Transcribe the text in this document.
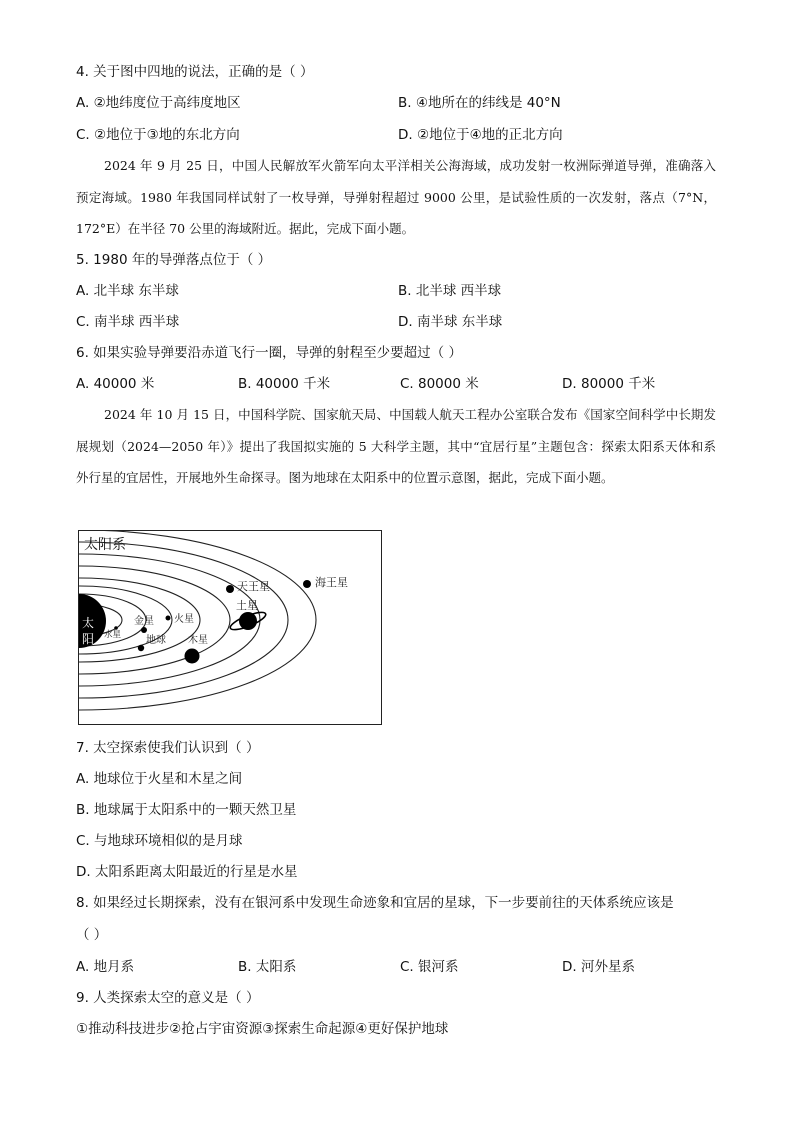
4. 关于图中四地的说法，正确的是（ ）
A. ②地纬度位于高纬度地区	B. ④地所在的纬线是 40°N
C. ②地位于③地的东北方向	D. ②地位于④地的正北方向
2024 年 9 月 25 日，中国人民解放军火箭军向太平洋相关公海海域，成功发射一枚洲际弹道导弹，准确落入预定海域。1980 年我国同样试射了一枚导弹，导弹射程超过 9000 公里，是试验性质的一次发射，落点（7°N，172°E）在半径 70 公里的海域附近。据此，完成下面小题。
5. 1980 年的导弹落点位于（ ）
A. 北半球 东半球	B. 北半球 西半球
C. 南半球 西半球	D. 南半球 东半球
6. 如果实验导弹要沿赤道飞行一圈，导弹的射程至少要超过（ ）
A. 40000 米	B. 40000 千米	C. 80000 米	D. 80000 千米
2024 年 10 月 15 日，中国科学院、国家航天局、中国载人航天工程办公室联合发布《国家空间科学中长期发展规划（2024—2050 年）》提出了我国拟实施的 5 大科学主题，其中“宜居行星”主题包含：探索太阳系天体和系外行星的宜居性，开展地外生命探寻。图为地球在太阳系中的位置示意图，据此，完成下面小题。
太
阳
太阳系
水星
金星
地球
火星
木星
土星
天王星	海王星
7. 太空探索使我们认识到（ ）
A. 地球位于火星和木星之间
B. 地球属于太阳系中的一颗天然卫星
C. 与地球环境相似的是月球
D. 太阳系距离太阳最近的行星是水星
8. 如果经过长期探索，没有在银河系中发现生命迹象和宜居的星球，下一步要前往的天体系统应该是
（ ）
A. 地月系	B. 太阳系	C. 银河系	D. 河外星系
9. 人类探索太空的意义是（ ）
①推动科技进步②抢占宇宙资源③探索生命起源④更好保护地球
